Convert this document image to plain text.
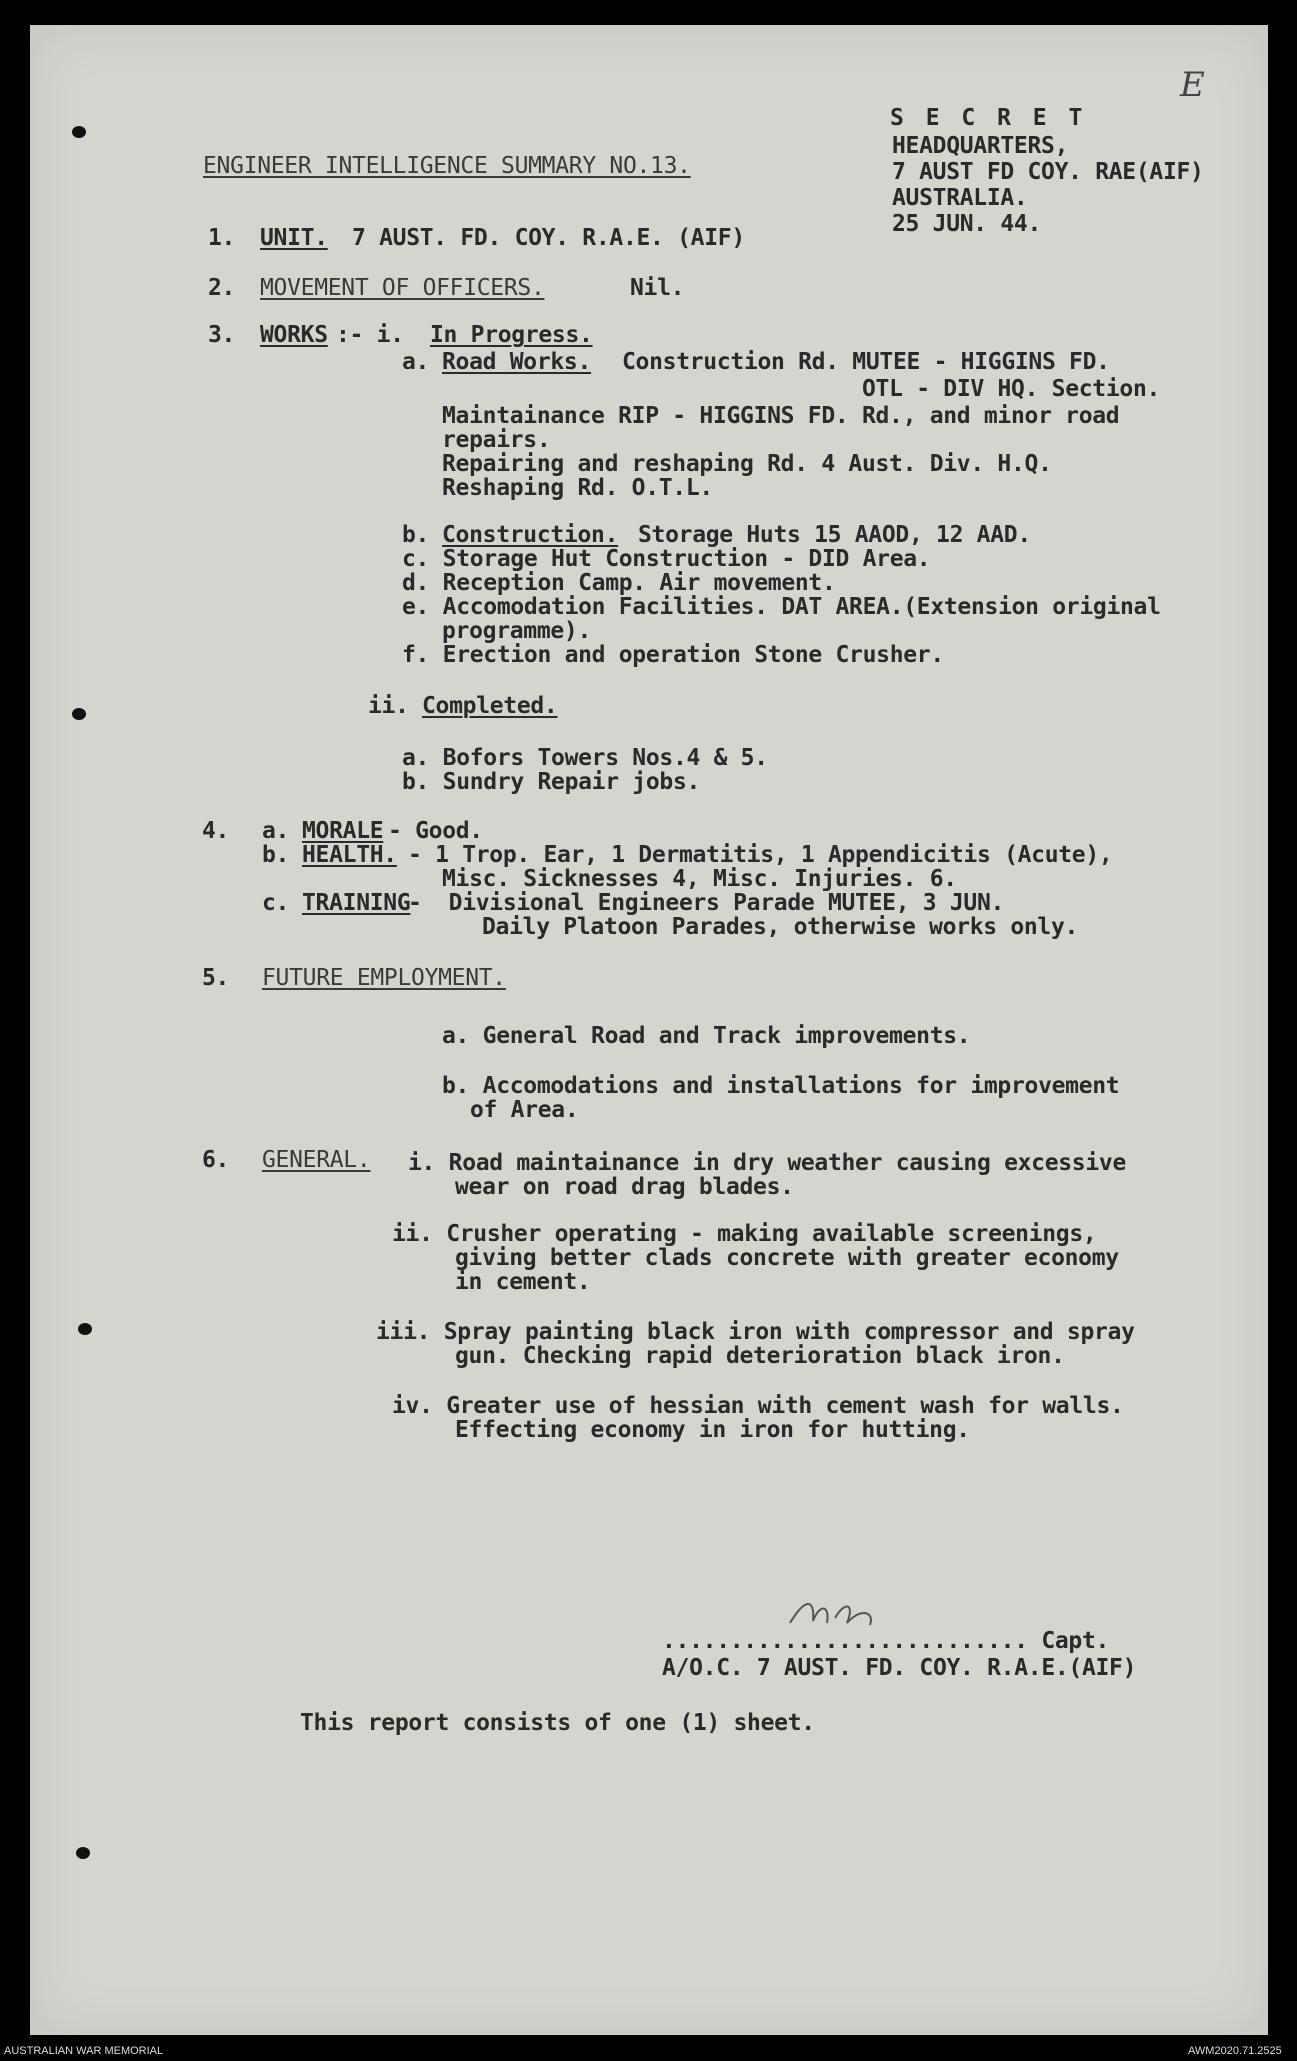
E
S E C R E T
HEADQUARTERS,
7 AUST FD COY. RAE(AIF)
AUSTRALIA.
25 JUN. 44.
ENGINEER INTELLIGENCE SUMMARY NO.13.
1. UNIT. 7 AUST. FD. COY. R.A.E. (AIF)
2. MOVEMENT OF OFFICERS.	Nil.
3. WORKS :- i. In Progress.
a. Road Works. Construction Rd. MUTEE - HIGGINS FD.
OTL - DIV HQ. Section.
Maintainance RIP - HIGGINS FD. Rd., and minor road
repairs.
Repairing and reshaping Rd. 4 Aust. Div. H.Q.
Reshaping Rd. O.T.L.
b. Construction. Storage Huts 15 AAOD, 12 AAD.
c. Storage Hut Construction - DID Area.
d. Reception Camp. Air movement.
e. Accomodation Facilities. DAT AREA.(Extension original
programme).
f. Erection and operation Stone Crusher.
ii. Completed.
a. Bofors Towers Nos.4 & 5.
b. Sundry Repair jobs.
4. a. MORALE - Good.
b. HEALTH. - 1 Trop. Ear, 1 Dermatitis, 1 Appendicitis (Acute),
Misc. Sicknesses 4, Misc. Injuries. 6.
c. TRAINING
-  Divisional Engineers Parade MUTEE, 3 JUN.
Daily Platoon Parades, otherwise works only.
5. FUTURE EMPLOYMENT.
a. General Road and Track improvements.
b. Accomodations and installations for improvement
of Area.
6. GENERAL. i. Road maintainance in dry weather causing excessive
wear on road drag blades.
ii. Crusher operating - making available screenings,
giving better clads concrete with greater economy
in cement.
iii. Spray painting black iron with compressor and spray
gun. Checking rapid deterioration black iron.
iv. Greater use of hessian with cement wash for walls.
Effecting economy in iron for hutting.
........................... Capt.
A/O.C. 7 AUST. FD. COY. R.A.E.(AIF)
This report consists of one (1) sheet.
AUSTRALIAN WAR MEMORIAL	AWM2020.71.2525
